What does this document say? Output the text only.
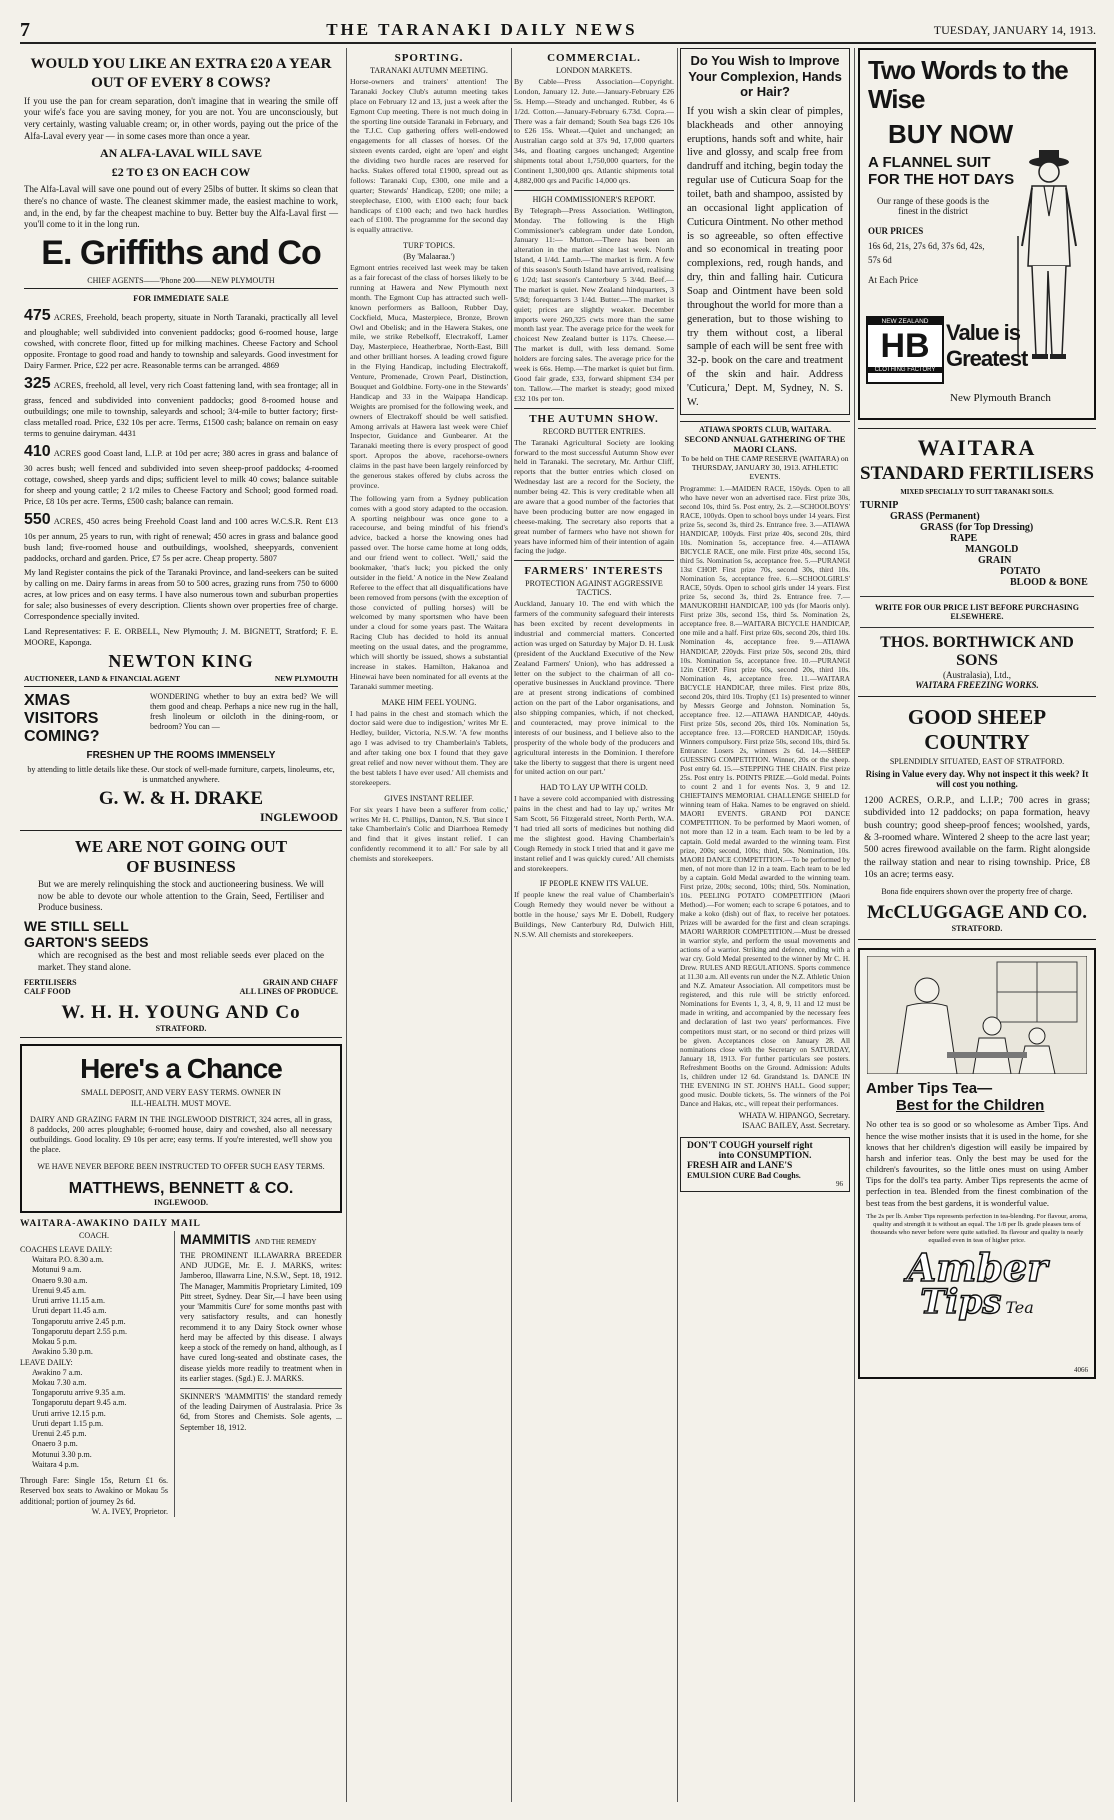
7	THE TARANAKI DAILY NEWS	TUESDAY, JANUARY 14, 1913.
WOULD YOU LIKE AN EXTRA £20 A YEAR OUT OF EVERY 8 COWS?
If you use the pan for cream separation, don't imagine that in wearing the smile off your wife's face you are saving money, for you are not. You are unconsciously, but very certainly, wasting valuable cream; or, in other words, paying out the price of the Alfa-Laval every year — in some cases more than once a year.
AN ALFA-LAVAL WILL SAVE
£2 TO £3 ON EACH COW
The Alfa-Laval will save one pound out of every 25lbs of butter. It skims so clean that there's no chance of waste. The cleanest skimmer made, the easiest machine to work, and, in the end, by far the cheapest machine to buy. Better buy the Alfa-Laval first — you'll come to it in the long run.
E. Griffiths and Co
CHIEF AGENTS——'Phone 200——NEW PLYMOUTH
FOR IMMEDIATE SALE
475 ACRES, Freehold, beach property, situate in North Taranaki, practically all level and ploughable; well subdivided into convenient paddocks; good 6-roomed house, large cowshed, with concrete floor, fitted up for milking machines. Cheese Factory and School opposite. Frontage to good road and handy to township and saleyards. Good investment for Dairy Farmer. Price, £22 per acre. Reasonable terms can be arranged. 4869
325 ACRES, freehold, all level, very rich Coast fattening land, with sea frontage; all in grass, fenced and subdivided into convenient paddocks; good 8-roomed house and outbuildings; one mile to township, saleyards and school; 3/4-mile to butter factory; first-class metalled road. Price, £32 10s per acre. Terms, £1500 cash; balance on remain on easy terms to genuine dairyman. 4431
410 ACRES good Coast land, L.I.P. at 10d per acre; 380 acres in grass and balance of 30 acres bush; well fenced and subdivided into seven sheep-proof paddocks; 4-roomed cottage, cowshed, sheep yards and dips; sufficient level to milk 40 cows; balance suitable for sheep and young cattle; 2 1/2 miles to Cheese Factory and School; good formed road. Price, £8 10s per acre. Terms, £500 cash; balance can remain.
550 ACRES, 450 acres being Freehold Coast land and 100 acres W.C.S.R. Rent £13 10s per annum, 25 years to run, with right of renewal; 450 acres in grass and balance good bush land; five-roomed house and outbuildings, woolshed, sheepyards, convenient paddocks, orchard and garden. Price, £7 5s per acre. Cheap property. 5807
My land Register contains the pick of the Taranaki Province, and land-seekers can be suited by calling on me. Dairy farms in areas from 50 to 500 acres, grazing runs from 750 to 6000 acres, at low prices and on easy terms. I have also numerous town and suburban properties for sale; also businesses of every description. Clients shown over properties free of charge. Correspondence specially invited.
Land Representatives: F. E. ORBELL, New Plymouth; J. M. BIGNETT, Stratford; F. E. MOORE, Kaponga.
NEWTON KING
AUCTIONEER, LAND & FINANCIAL AGENT	NEW PLYMOUTH
XMAS VISITORS
COMING?
WONDERING whether to buy an extra bed? We will them good and cheap. Perhaps a nice new rug in the hall, fresh linoleum or oilcloth in the dining-room, or bedroom? You can —
FRESHEN UP THE ROOMS IMMENSELY
by attending to little details like these. Our stock of well-made furniture, carpets, linoleums, etc, is unmatched anywhere.
G. W. & H. DRAKE
INGLEWOOD
WE ARE NOT GOING OUT
OF BUSINESS
But we are merely relinquishing the stock and auctioneering business. We will now be able to devote our whole attention to the Grain, Seed, Fertiliser and Produce business.
WE STILL SELL
GARTON'S SEEDS
which are recognised as the best and most reliable seeds ever placed on the market. They stand alone.
FERTILISERS
CALF FOOD
GRAIN AND CHAFF
ALL LINES OF PRODUCE.
W. H. H. YOUNG AND Co
STRATFORD.
Here's a Chance
SMALL DEPOSIT, AND VERY EASY TERMS. OWNER IN ILL-HEALTH. MUST MOVE.
DAIRY AND GRAZING FARM IN THE INGLEWOOD DISTRICT, 324 acres, all in grass, 8 paddocks, 200 acres ploughable; 6-roomed house, dairy and cowshed, also all necessary outbuildings. Good locality. £9 10s per acre; easy terms. If you're interested, we'll show you the place.
WE HAVE NEVER BEFORE BEEN INSTRUCTED TO OFFER SUCH EASY TERMS.
MATTHEWS, BENNETT & CO.
INGLEWOOD.
WAITARA-AWAKINO DAILY MAIL
COACH.
COACHES LEAVE DAILY:
Waitara P.O. 8.30 a.m.
Motunui 9 a.m.
Onaero 9.30 a.m.
Urenui 9.45 a.m.
Uruti arrive 11.15 a.m.
Uruti depart 11.45 a.m.
Tongaporutu arrive 2.45 p.m.
Tongaporutu depart 2.55 p.m.
Mokau 5 p.m.
Awakino 5.30 p.m.
LEAVE DAILY:
Awakino 7 a.m.
Mokau 7.30 a.m.
Tongaporutu arrive 9.35 a.m.
Tongaporutu depart 9.45 a.m.
Uruti arrive 12.15 p.m.
Uruti depart 1.15 p.m.
Urenui 2.45 p.m.
Onaero 3 p.m.
Motunui 3.30 p.m.
Waitara 4 p.m.
Through Fare: Single 15s, Return £1 6s. Reserved box seats to Awakino or Mokau 5s additional; portion of journey 2s 6d.
W. A. IVEY, Proprietor.
MAMMITIS AND THE REMEDY
THE PROMINENT ILLAWARRA BREEDER AND JUDGE, Mr. E. J. MARKS, writes: Jamberoo, Illawarra Line, N.S.W., Sept. 18, 1912. The Manager, Mammitis Proprietary Limited, 109 Pitt street, Sydney. Dear Sir,—I have been using your 'Mammitis Cure' for some months past with very satisfactory results, and can honestly recommend it to any Dairy Stock owner whose herd may be affected by this disease. I always keep a stock of the remedy on hand, although, as I have cured long-seated and obstinate cases, the disease yields more readily to treatment when in its earlier stages. (Sgd.) E. J. MARKS.
SKINNER'S 'MAMMITIS' the standard remedy of the leading Dairymen of Australasia. Price 3s 6d, from Stores and Chemists. Sole agents, ... September 18, 1912.
SPORTING.
TARANAKI AUTUMN MEETING.
Horse-owners and trainers' attention! The Taranaki Jockey Club's autumn meeting takes place on February 12 and 13, just a week after the Egmont Cup meeting. There is not much doing in the sporting line outside Taranaki in February, and the T.J.C. Cup gathering offers well-endowed engagements for all classes of horses. Of the sixteen events carded, eight are 'open' and eight the dividing two hurdle races are reserved for hacks. Stakes offered total £1900, spread out as follows: Taranaki Cup, £300, one mile and a quarter; Stewards' Handicap, £200; one mile; a steeplechase, £100, with £100 each; four back handicaps of £100 each; and two hack hurdles each of £100. The programme for the second day is equally attractive.
TURF TOPICS.
(By 'Malaaraa.')
Egmont entries received last week may be taken as a fair forecast of the class of horses likely to be running at Hawera and New Plymouth next month. The Egmont Cup has attracted such well-known performers as Balloon, Rubber Day, Cockfield, Muca, Masterpiece, Bronze, Brown Owl and Obelisk; and in the Hawera Stakes, one mile, we strike Rebelkoff, Electrakoff, Lamer Day, Masterpiece, Heatherbrae, North-East, Bill and other brilliant horses. A leading crowd figure in the Flying Handicap, including Electrakoff, Venture, Promenade, Crown Pearl, Distinction, Bouquet and Goldbine. Forty-one in the Stewards' Handicap and 33 in the Waipapa Handicap. Weights are promised for the following week, and owners of Electrakoff should be well satisfied. Among arrivals at Hawera last week were Chief Inspector, Guidance and Gunbearer. At the Taranaki meeting there is every prospect of good sport. Apropos the above, racehorse-owners claims in the past have been largely reinforced by the generous stakes offered by clubs across the province.
The following yarn from a Sydney publication comes with a good story adapted to the occasion. A sporting neighbour was once gone to a racecourse, and being mindful of his friend's advice, backed a horse the knowing ones had passed over. The horse came home at long odds, and our friend went to collect. 'Well,' said the bookmaker, 'that's luck; you picked the only outsider in the field.' A notice in the New Zealand Referee to the effect that all disqualifications have been removed from persons (with the exception of those convicted of pulling horses) will be welcomed by many sportsmen who have been under a cloud for some years past. The Waitara Racing Club has decided to hold its annual meeting on the usual dates, and the programme, which will shortly be issued, shows a substantial increase in stakes. Hamilton, Hakanoa and Hinewai have been nominated for all events at the Taranaki summer meeting.
MAKE HIM FEEL YOUNG.
I had pains in the chest and stomach which the doctor said were due to indigestion,' writes Mr E. Hedley, builder, Victoria, N.S.W. 'A few months ago I was advised to try Chamberlain's Tablets, and after taking one box I found that they gave great relief and now never without them. They are the best tablets I have ever used.' All chemists and storekeepers.
GIVES INSTANT RELIEF.
For six years I have been a sufferer from colic,' writes Mr H. C. Phillips, Danton, N.S. 'But since I take Chamberlain's Colic and Diarrhoea Remedy and find that it gives instant relief. I can confidently recommend it to all.' For sale by all chemists and storekeepers.
COMMERCIAL.
LONDON MARKETS.
By Cable—Press Association—Copyright. London, January 12. Jute.—January-February £26 5s. Hemp.—Steady and unchanged. Rubber, 4s 6 1/2d. Cotton.—January-February 6.73d. Copra.—There was a fair demand; South Sea bags £26 10s to £26 15s. Wheat.—Quiet and unchanged; an Australian cargo sold at 37s 9d, 17,000 quarters 34s, and floating cargoes unchanged; Argentine shipments total about 1,750,000 quarters, for the Continent 1,300,000 qrs. Atlantic shipments total 4,882,000 qrs and Pacific 14,000 qrs.
HIGH COMMISSIONER'S REPORT.
By Telegraph—Press Association. Wellington, Monday. The following is the High Commissioner's cablegram under date London, January 11:— Mutton.—There has been an alteration in the market since last week. North Island, 4 1/4d. Lamb.—The market is firm. A few of this season's South Island have arrived, realising 6 1/2d; last season's Canterbury 5 3/4d. Beef.—The market is quiet. New Zealand hindquarters, 3 5/8d; forequarters 3 1/4d. Butter.—The market is quiet; prices are slightly weaker. December imports were 260,325 cwts more than the same month last year. The average price for the week for choicest New Zealand butter is 117s. Cheese.—The market is dull, with less demand. Some holders are forcing sales. The average price for the week is 66s. Hemp.—The market is quiet but firm. Good fair grade, £33, forward shipment £34 per ton. Tallow.—The market is steady; good mixed £32 10s per ton.
THE AUTUMN SHOW.
RECORD BUTTER ENTRIES.
The Taranaki Agricultural Society are looking forward to the most successful Autumn Show ever held in Taranaki. The secretary, Mr. Arthur Cliff, reports that the butter entries which closed on Wednesday last are a record for the Society, the number being 42. This is very creditable when all are aware that a good number of the factories that have been producing butter are now engaged in cheese-making. The secretary also reports that a great number of farmers who have not shown for years have informed him of their intention of again facing the judge.
FARMERS' INTERESTS
PROTECTION AGAINST AGGRESSIVE TACTICS.
Auckland, January 10. The end with which the farmers of the community safeguard their interests has been excited by recent developments in industrial and commercial matters. Concerted action was urged on Saturday by Major D. H. Lusk (president of the Auckland Executive of the New Zealand Farmers' Union), who has addressed a letter on the subject to the chairman of all co-operative businesses in Auckland province. 'There are at present strong indications of combined action on the part of the Labor organisations, and also shipping companies, which, if not checked, and counteracted, may prove inimical to the interests of our business, and I believe also to the prosperity of the whole body of the producers and agricultural interests in the Dominion. I therefore take the liberty to suggest that there is urgent need for united action on our part.'
HAD TO LAY UP WITH COLD.
I have a severe cold accompanied with distressing pains in the chest and had to lay up,' writes Mr Sam Scott, 56 Fitzgerald street, North Perth, W.A. 'I had tried all sorts of medicines but nothing did me the slightest good. Having Chamberlain's Cough Remedy in stock I tried that and it gave me instant relief and I was quickly cured.' All chemists and storekeepers.
IF PEOPLE KNEW ITS VALUE.
If people knew the real value of Chamberlain's Cough Remedy they would never be without a bottle in the house,' says Mr E. Dobell, Rudgery Buildings, New Canterbury Rd, Dulwich Hill, N.S.W. All chemists and storekeepers.
Do You Wish to Improve Your Complexion, Hands or Hair?
If you wish a skin clear of pimples, blackheads and other annoying eruptions, hands soft and white, hair live and glossy, and scalp free from dandruff and itching, begin today the regular use of Cuticura Soap for the toilet, bath and shampoo, assisted by an occasional light application of Cuticura Ointment. No other method is so agreeable, so often effective and so economical in treating poor complexions, red, rough hands, and dry, thin and falling hair. Cuticura Soap and Ointment have been sold throughout the world for more than a generation, but to those wishing to try them without cost, a liberal sample of each will be sent free with 32-p. book on the care and treatment of the skin and hair. Address 'Cuticura,' Dept. M, Sydney, N. S. W.
ATIAWA SPORTS CLUB, WAITARA.
SECOND ANNUAL GATHERING OF THE MAORI CLANS.
To be held on THE CAMP RESERVE (WAITARA) on THURSDAY, JANUARY 30, 1913. ATHLETIC EVENTS.
Programme: 1.—MAIDEN RACE, 150yds. Open to all who have never won an advertised race. First prize 30s, second 10s, third 5s. Post entry, 2s. 2.—SCHOOLBOYS' RACE, 100yds. Open to school boys under 14 years. First prize 5s, second 3s, third 2s. Entrance free. 3.—ATIAWA HANDICAP, 100yds. First prize 40s, second 20s, third 10s. Nomination 5s, acceptance free. 4.—ATIAWA BICYCLE RACE, one mile. First prize 40s, second 15s, third 5s. Nomination 5s, acceptance free. 5.—PURANGI 13st CHOP. First prize 70s, second 30s, third 10s. Nomination 5s, acceptance free. 6.—SCHOOLGIRLS' RACE, 50yds. Open to school girls under 14 years. First prize 5s, second 3s, third 2s. Entrance free. 7.—MANUKORIHI HANDICAP, 100 yds (for Maoris only). First prize 30s, second 15s, third 5s. Nomination 2s, acceptance free. 8.—WAITARA BICYCLE HANDICAP, one mile and a half. First prize 60s, second 20s, third 10s. Nomination 4s, acceptance free. 9.—ATIAWA HANDICAP, 220yds. First prize 50s, second 20s, third 10s. Nomination 5s, acceptance free. 10.—PURANGI 12in CHOP. First prize 60s, second 20s, third 10s. Nomination 4s, acceptance free. 11.—WAITARA BICYCLE HANDICAP, three miles. First prize 80s, second 20s, third 10s. Trophy (£1 1s) presented to winner by Messrs George and Johnston. Nomination 5s, acceptance free. 12.—ATIAWA HANDICAP, 440yds. First prize 50s, second 20s, third 10s. Nomination 5s, acceptance free. 13.—FORCED HANDICAP, 150yds. Winners compulsory. First prize 50s, second 10s, third 5s. Entrance: Losers 2s, winners 2s 6d. 14.—SHEEP GUESSING COMPETITION. Winner, 20s or the sheep. Post entry 6d. 15.—STEPPING THE CHAIN. First prize 25s. Post entry 1s. POINTS PRIZE.—Gold medal. Points to count 2 and 1 for events Nos. 3, 9 and 12. CHIEFTAIN'S MEMORIAL CHALLENGE SHIELD for winning team of Haka. Names to be engraved on shield. MAORI EVENTS. GRAND POI DANCE COMPETITION. To be performed by Maori women, of not more than 12 in a team. Each team to be led by a captain. Gold medal awarded to the winning team. First prize, 200s; second, 100s; third, 50s. Nomination, 10s. MAORI DANCE COMPETITION.—To be performed by men, of not more than 12 in a team. Each team to be led by a captain. Gold Medal awarded to the winning team. First prize, 200s; second, 100s; third, 50s. Nomination, 10s. PEELING POTATO COMPETITION (Maori Method).—For women; each to scrape 6 potatoes, and to make a koko (dish) out of flax, to receive her potatoes. Prizes will be awarded for the first and clean scrapings. MAORI WARRIOR COMPETITION.—Must be dressed in warrior style, and perform the usual movements and actions of a warrior. Striking and defence, ending with a war cry. Gold Medal presented to the winner by Mr C. H. Drew. RULES AND REGULATIONS. Sports commence at 11.30 a.m. All events run under the N.Z. Athletic Union and N.Z. Amateur Association. All competitors must be registered, and this rule will be strictly enforced. Nominations for Events 1, 3, 4, 8, 9, 11 and 12 must be made in writing, and accompanied by the necessary fees and declaration of last two years' performances. Five competitors must start, or no second or third prizes will be given. Acceptances close on January 28. All nominations close with the Secretary on SATURDAY, January 18, 1913. For further particulars see posters. Refreshment Booths on the Ground. Admission: Adults 1s, children under 12 6d. Grandstand 1s. DANCE IN THE EVENING IN ST. JOHN'S HALL. Good supper; good music. Double tickets, 5s. The winners of the Poi Dance and Hakas, etc., will repeat their performances.
WHATA W. HIPANGO, Secretary.
ISAAC BAILEY, Asst. Secretary.
DON'T COUGH yourself right
into CONSUMPTION.
FRESH AIR and LANE'S
EMULSION CURE Bad Coughs.
96
Two Words to the Wise
BUY NOW
A FLANNEL SUIT
FOR THE HOT DAYS
Our range of these goods is the finest in the district
OUR PRICES
16s 6d, 21s, 27s 6d, 37s 6d, 42s, 57s 6d
At Each Price
NEW ZEALAND
HB
CLOTHING FACTORY
Value is Greatest
New Plymouth Branch
WAITARA
STANDARD FERTILISERS
MIXED SPECIALLY TO SUIT TARANAKI SOILS.
TURNIP
GRASS (Permanent)
GRASS (for Top Dressing)
RAPE
MANGOLD
GRAIN
POTATO
BLOOD & BONE
WRITE FOR OUR PRICE LIST BEFORE PURCHASING ELSEWHERE.
THOS. BORTHWICK AND SONS
(Australasia), Ltd.,
WAITARA FREEZING WORKS.
GOOD SHEEP COUNTRY
SPLENDIDLY SITUATED, EAST OF STRATFORD.
Rising in Value every day. Why not inspect it this week? It will cost you nothing.
1200 ACRES, O.R.P., and L.I.P.; 700 acres in grass; subdivided into 12 paddocks; on papa formation, heavy bush country; good sheep-proof fences; woolshed, yards, & 3-roomed whare. Wintered 2 sheep to the acre last year; 500 acres firewood available on the farm. Right alongside the railway station and near to rising township. Price, £8 10s an acre; terms easy.
Bona fide enquirers shown over the property free of charge.
McCLUGGAGE AND CO.
STRATFORD.
Amber Tips Tea—
Best for the Children
No other tea is so good or so wholesome as Amber Tips. And hence the wise mother insists that it is used in the home, for she knows that her children's digestion will easily be impaired by harsh and inferior teas. Only the best may be used for the children's favourites, so the little ones must on using Amber Tips for the doll's tea party. Amber Tips represents the acme of perfection in tea. Blended from the finest combination of the best teas from the best gardens, it is wonderful value.
The 2s per lb. Amber Tips represents perfection in tea-blending. For flavour, aroma, quality and strength it is without an equal. The 1/8 per lb. grade pleases tens of thousands who never before were quite satisfied. Its flavour and quality is nearly equalled even in teas of higher price.
Amber
Tips Tea
4066
